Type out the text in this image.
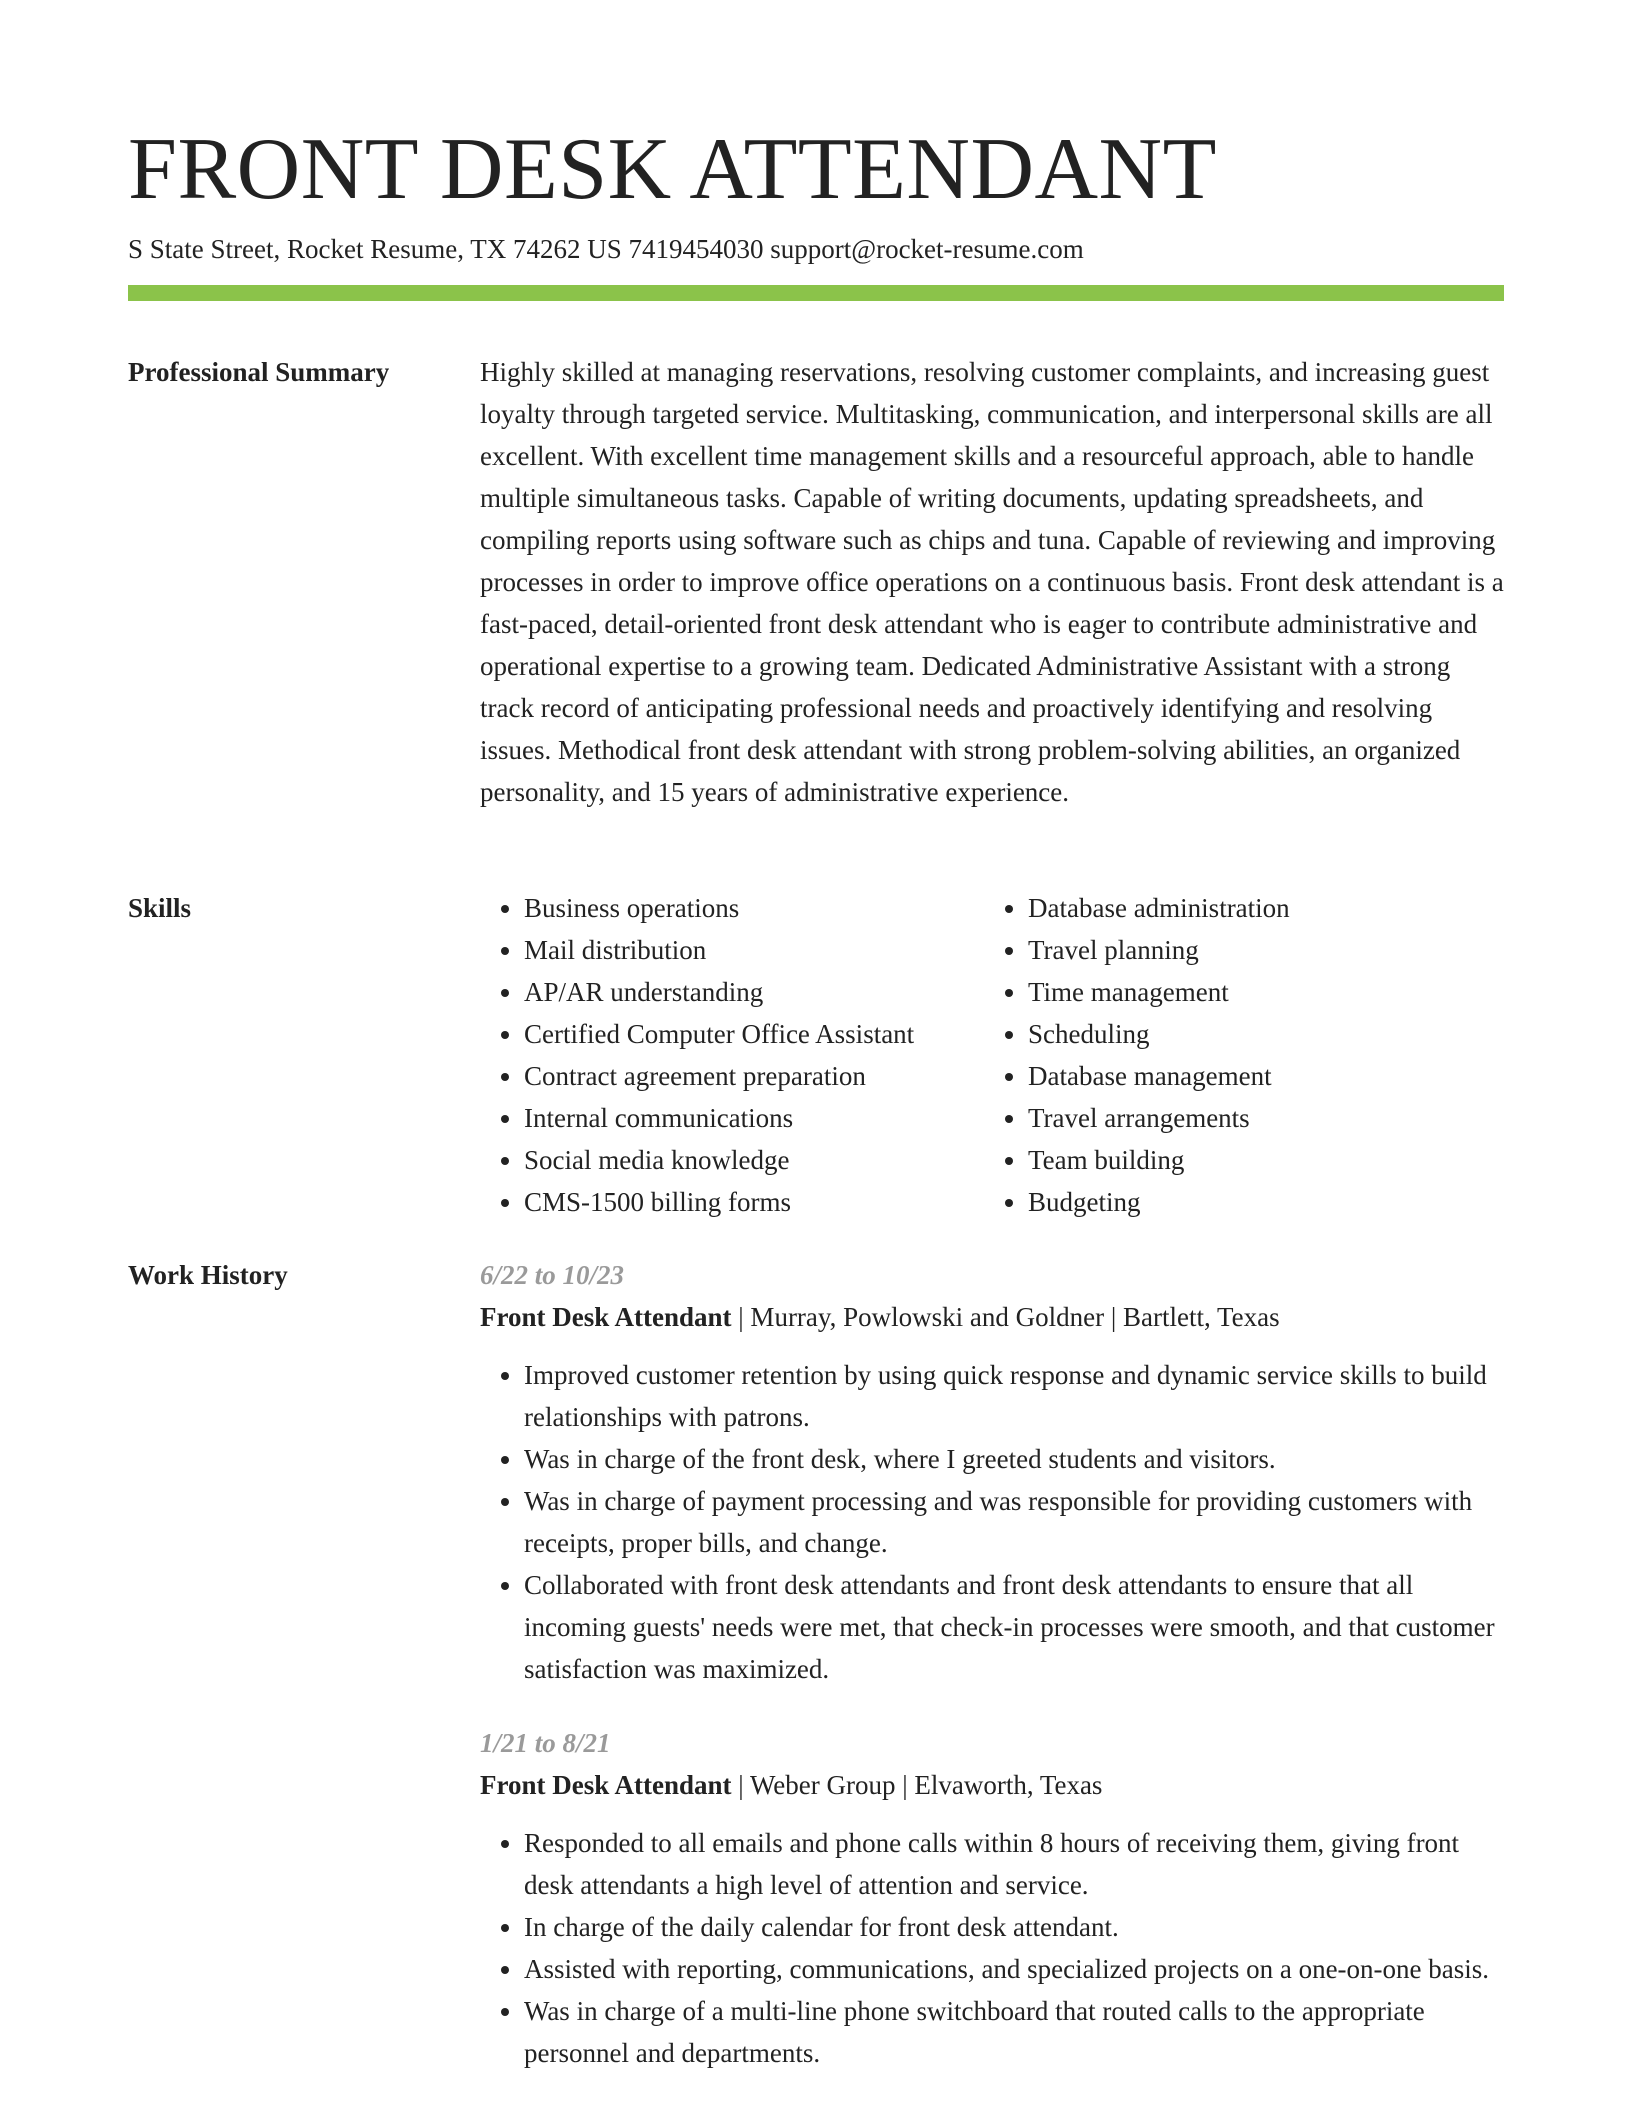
FRONT DESK ATTENDANT
S State Street, Rocket Resume, TX 74262 US 7419454030 support@rocket-resume.com
Professional Summary	Highly skilled at managing reservations, resolving customer complaints, and increasing guest loyalty through targeted service. Multitasking, communication, and interpersonal skills are all excellent. With excellent time management skills and a resourceful approach, able to handle multiple simultaneous tasks. Capable of writing documents, updating spreadsheets, and compiling reports using software such as chips and tuna. Capable of reviewing and improving processes in order to improve office operations on a continuous basis. Front desk attendant is a fast-paced, detail-oriented front desk attendant who is eager to contribute administrative and operational expertise to a growing team. Dedicated Administrative Assistant with a strong track record of anticipating professional needs and proactively identifying and resolving issues. Methodical front desk attendant with strong problem-solving abilities, an organized personality, and 15 years of administrative experience.

Skills
•	Business operations
• Mail distribution
• AP/AR understanding
• Certified Computer Office Assistant
• Contract agreement preparation
• Internal communications
• Social media knowledge
• CMS-1500 billing forms
• Database administration
• Travel planning
• Time management
• Scheduling
• Database management
• Travel arrangements
• Team building
• Budgeting
Work History	6/22 to 10/23
Front Desk Attendant | Murray, Powlowski and Goldner | Bartlett, Texas
• Improved customer retention by using quick response and dynamic service skills to build relationships with patrons.
• Was in charge of the front desk, where I greeted students and visitors.
• Was in charge of payment processing and was responsible for providing customers with receipts, proper bills, and change.
• Collaborated with front desk attendants and front desk attendants to ensure that all incoming guests' needs were met, that check-in processes were smooth, and that customer satisfaction was maximized.
1/21 to 8/21
Front Desk Attendant | Weber Group | Elvaworth, Texas
• Responded to all emails and phone calls within 8 hours of receiving them, giving front desk attendants a high level of attention and service.
• In charge of the daily calendar for front desk attendant.
• Assisted with reporting, communications, and specialized projects on a one-on-one basis.
• Was in charge of a multi-line phone switchboard that routed calls to the appropriate personnel and departments.
